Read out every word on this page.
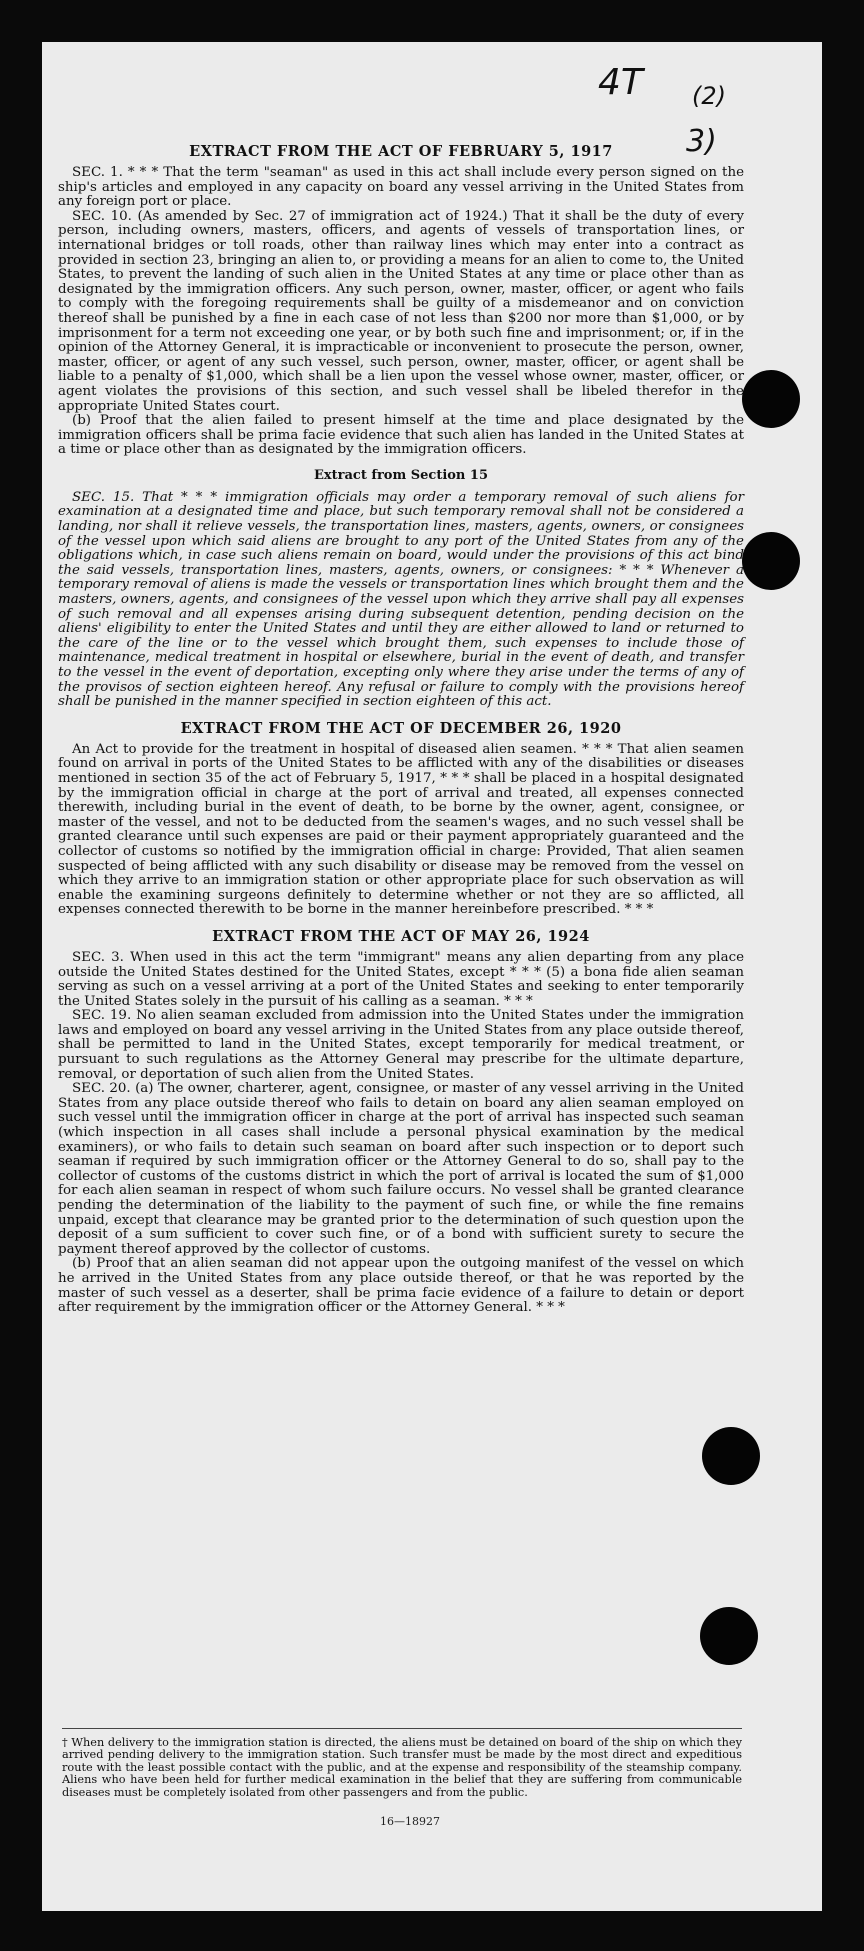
4T (2)
3)

EXTRACT FROM THE ACT OF FEBRUARY 5, 1917

SEC. 1. * * * That the term "seaman" as used in this act shall include every person signed on the ship's articles and employed in any capacity on board any vessel arriving in the United States from any foreign port or place.

SEC. 10. (As amended by Sec. 27 of immigration act of 1924.) That it shall be the duty of every person, including owners, masters, officers, and agents of vessels of transportation lines, or international bridges or toll roads, other than railway lines which may enter into a contract as provided in section 23, bringing an alien to, or providing a means for an alien to come to, the United States, to prevent the landing of such alien in the United States at any time or place other than as designated by the immigration officers. Any such person, owner, master, officer, or agent who fails to comply with the foregoing requirements shall be guilty of a misdemeanor and on conviction thereof shall be punished by a fine in each case of not less than $200 nor more than $1,000, or by imprisonment for a term not exceeding one year, or by both such fine and imprisonment; or, if in the opinion of the Attorney General, it is impracticable or inconvenient to prosecute the person, owner, master, officer, or agent of any such vessel, such person, owner, master, officer, or agent shall be liable to a penalty of $1,000, which shall be a lien upon the vessel whose owner, master, officer, or agent violates the provisions of this section, and such vessel shall be libeled therefor in the appropriate United States court.

(b) Proof that the alien failed to present himself at the time and place designated by the immigration officers shall be prima facie evidence that such alien has landed in the United States at a time or place other than as designated by the immigration officers.

Extract from Section 15

SEC. 15. That * * * immigration officials may order a temporary removal of such aliens for examination at a designated time and place, but such temporary removal shall not be considered a landing, nor shall it relieve vessels, the transportation lines, masters, agents, owners, or consignees of the vessel upon which said aliens are brought to any port of the United States from any of the obligations which, in case such aliens remain on board, would under the provisions of this act bind the said vessels, transportation lines, masters, agents, owners, or consignees: * * * Whenever a temporary removal of aliens is made the vessels or transportation lines which brought them and the masters, owners, agents, and consignees of the vessel upon which they arrive shall pay all expenses of such removal and all expenses arising during subsequent detention, pending decision on the aliens' eligibility to enter the United States and until they are either allowed to land or returned to the care of the line or to the vessel which brought them, such expenses to include those of maintenance, medical treatment in hospital or elsewhere, burial in the event of death, and transfer to the vessel in the event of deportation, excepting only where they arise under the terms of any of the provisos of section eighteen hereof. Any refusal or failure to comply with the provisions hereof shall be punished in the manner specified in section eighteen of this act.

EXTRACT FROM THE ACT OF DECEMBER 26, 1920

An Act to provide for the treatment in hospital of diseased alien seamen. * * * That alien seamen found on arrival in ports of the United States to be afflicted with any of the disabilities or diseases mentioned in section 35 of the act of February 5, 1917, * * * shall be placed in a hospital designated by the immigration official in charge at the port of arrival and treated, all expenses connected therewith, including burial in the event of death, to be borne by the owner, agent, consignee, or master of the vessel, and not to be deducted from the seamen's wages, and no such vessel shall be granted clearance until such expenses are paid or their payment appropriately guaranteed and the collector of customs so notified by the immigration official in charge: Provided, That alien seamen suspected of being afflicted with any such disability or disease may be removed from the vessel on which they arrive to an immigration station or other appropriate place for such observation as will enable the examining surgeons definitely to determine whether or not they are so afflicted, all expenses connected therewith to be borne in the manner hereinbefore prescribed. * * *

EXTRACT FROM THE ACT OF MAY 26, 1924

SEC. 3. When used in this act the term "immigrant" means any alien departing from any place outside the United States destined for the United States, except * * * (5) a bona fide alien seaman serving as such on a vessel arriving at a port of the United States and seeking to enter temporarily the United States solely in the pursuit of his calling as a seaman. * * *

SEC. 19. No alien seaman excluded from admission into the United States under the immigration laws and employed on board any vessel arriving in the United States from any place outside thereof, shall be permitted to land in the United States, except temporarily for medical treatment, or pursuant to such regulations as the Attorney General may prescribe for the ultimate departure, removal, or deportation of such alien from the United States.

SEC. 20. (a) The owner, charterer, agent, consignee, or master of any vessel arriving in the United States from any place outside thereof who fails to detain on board any alien seaman employed on such vessel until the immigration officer in charge at the port of arrival has inspected such seaman (which inspection in all cases shall include a personal physical examination by the medical examiners), or who fails to detain such seaman on board after such inspection or to deport such seaman if required by such immigration officer or the Attorney General to do so, shall pay to the collector of customs of the customs district in which the port of arrival is located the sum of $1,000 for each alien seaman in respect of whom such failure occurs. No vessel shall be granted clearance pending the determination of the liability to the payment of such fine, or while the fine remains unpaid, except that clearance may be granted prior to the determination of such question upon the deposit of a sum sufficient to cover such fine, or of a bond with sufficient surety to secure the payment thereof approved by the collector of customs.

(b) Proof that an alien seaman did not appear upon the outgoing manifest of the vessel on which he arrived in the United States from any place outside thereof, or that he was reported by the master of such vessel as a deserter, shall be prima facie evidence of a failure to detain or deport after requirement by the immigration officer or the Attorney General. * * *

† When delivery to the immigration station is directed, the aliens must be detained on board of the ship on which they arrived pending delivery to the immigration station. Such transfer must be made by the most direct and expeditious route with the least possible contact with the public, and at the expense and responsibility of the steamship company. Aliens who have been held for further medical examination in the belief that they are suffering from communicable diseases must be completely isolated from other passengers and from the public.
16—18927
